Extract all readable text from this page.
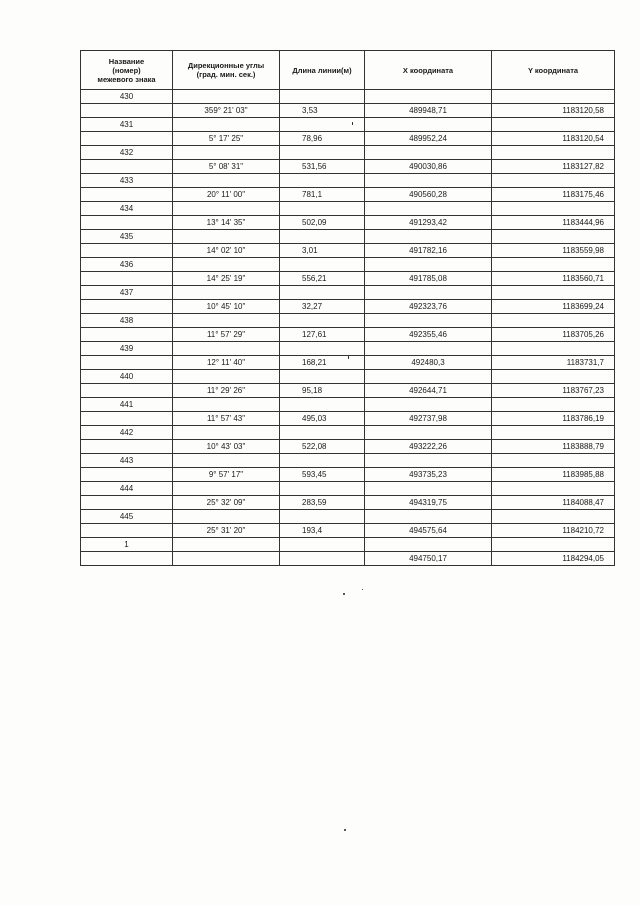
Название
(номер)
межевого знака	Дирекционные углы
(град. мин. сек.)	Длина линии(м)	X координата	Y координата
430				
	359° 21' 03"	3,53	489948,71	1183120,58
431				
	5° 17' 25"	78,96	489952,24	1183120,54
432				
	5° 08' 31"	531,56	490030,86	1183127,82
433				
	20° 11' 00"	781,1	490560,28	1183175,46
434				
	13° 14' 35"	502,09	491293,42	1183444,96
435				
	14° 02' 10"	3,01	491782,16	1183559,98
436				
	14° 25' 19"	556,21	491785,08	1183560,71
437				
	10° 45' 10"	32,27	492323,76	1183699,24
438				
	11° 57' 29"	127,61	492355,46	1183705,26
439				
	12° 11' 40"	168,21	492480,3	1183731,7
440				
	11° 29' 26"	95,18	492644,71	1183767,23
441				
	11° 57' 43"	495,03	492737,98	1183786,19
442				
	10° 43' 03"	522,08	493222,26	1183888,79
443				
	9° 57' 17"	593,45	493735,23	1183985,88
444				
	25° 32' 09"	283,59	494319,75	1184088,47
445				
	25° 31' 20"	193,4	494575,64	1184210,72
1				
			494750,17	1184294,05
